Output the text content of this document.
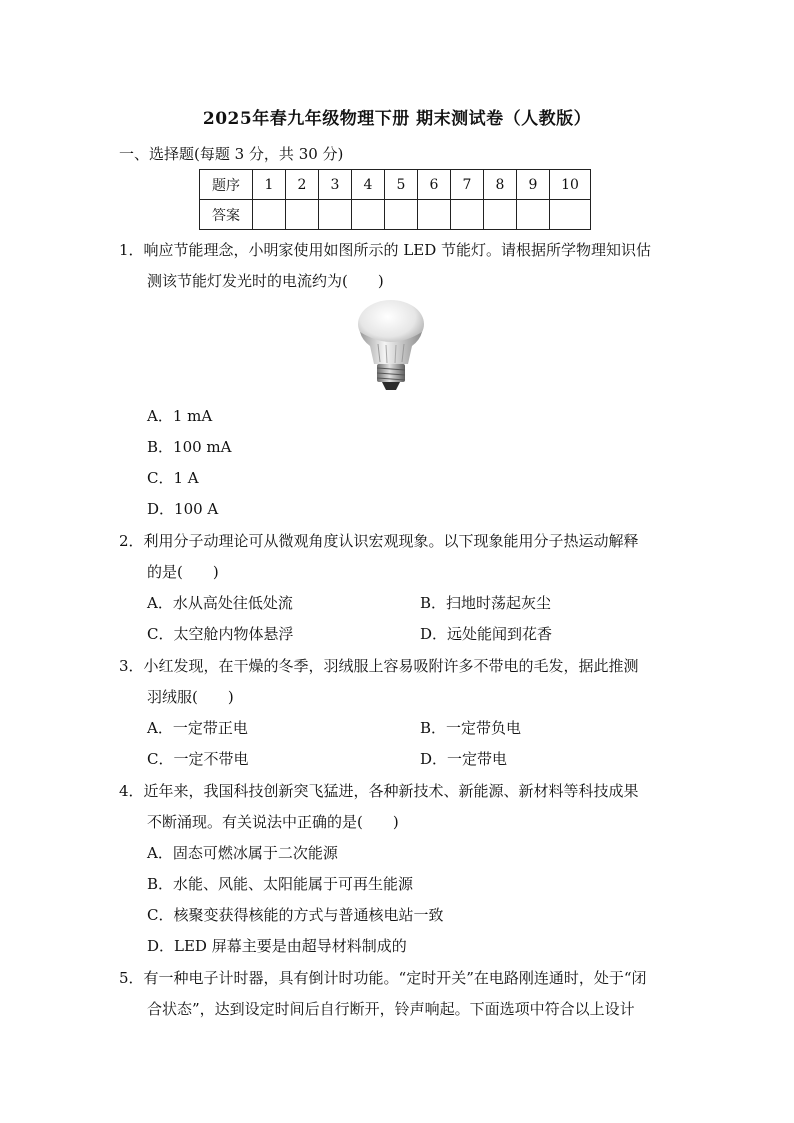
2025年春九年级物理下册 期末测试卷（人教版）
一、选择题(每题 3 分，共 30 分)
题序	1	2	3	4	5	6	7	8	9	10
答案										
1．响应节能理念，小明家使用如图所示的 LED 节能灯。请根据所学物理知识估
测该节能灯发光时的电流约为(　　)
A．1 mA
B．100 mA
C．1 A
D．100 A
2．利用分子动理论可从微观角度认识宏观现象。以下现象能用分子热运动解释
的是(　　)
A．水从高处往低处流	B．扫地时荡起灰尘
C．太空舱内物体悬浮	D．远处能闻到花香
3．小红发现，在干燥的冬季，羽绒服上容易吸附许多不带电的毛发，据此推测
羽绒服(　　)
A．一定带正电	B．一定带负电
C．一定不带电	D．一定带电
4．近年来，我国科技创新突飞猛进，各种新技术、新能源、新材料等科技成果
不断涌现。有关说法中正确的是(　　)
A．固态可燃冰属于二次能源
B．水能、风能、太阳能属于可再生能源
C．核聚变获得核能的方式与普通核电站一致
D．LED 屏幕主要是由超导材料制成的
5．有一种电子计时器，具有倒计时功能。“定时开关”在电路刚连通时，处于“闭
合状态”，达到设定时间后自行断开，铃声响起。下面选项中符合以上设计
